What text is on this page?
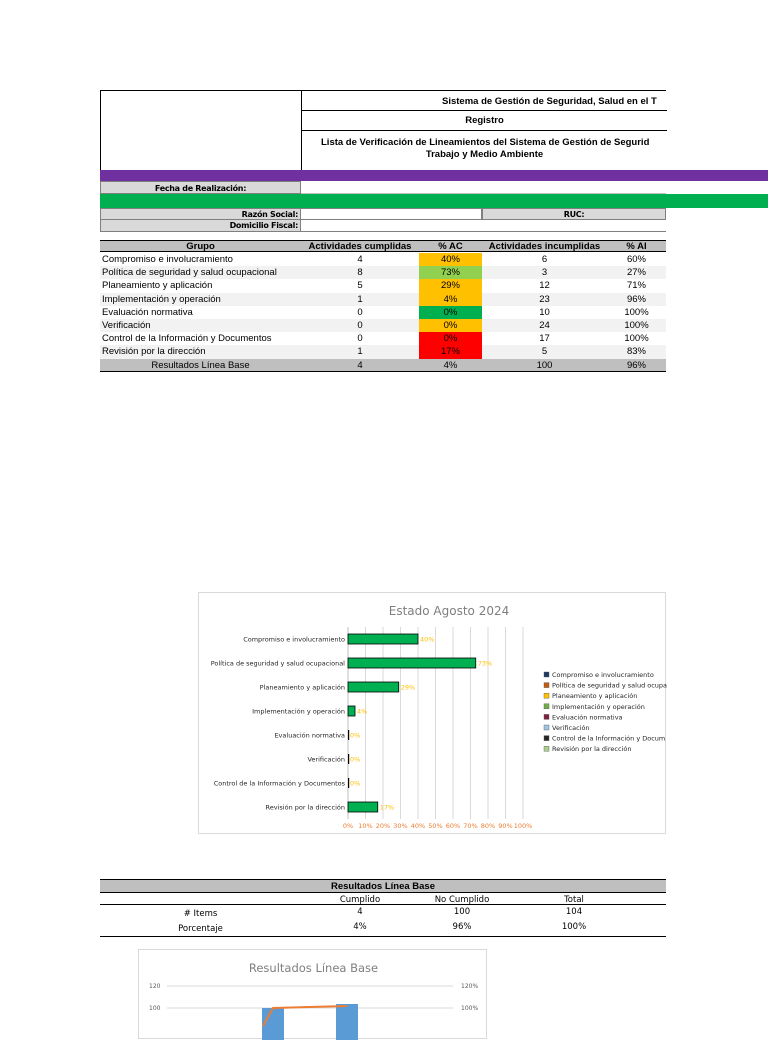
Sistema de Gestión de Seguridad, Salud en el T
Registro
Lista de Verificación de Lineamientos del Sistema de Gestión de Segurid
Trabajo y Medio Ambiente
Fecha de Realización:
Razón Social:	RUC:
Domicilio Fiscal:
Grupo	Actividades cumplidas	% AC	Actividades incumplidas	% AI
Compromiso e involucramiento	4	40%	6	60%
Política de seguridad y salud ocupacional	8	73%	3	27%
Planeamiento y aplicación	5	29%	12	71%
Implementación y operación	1	4%	23	96%
Evaluación normativa	0	0%	10	100%
Verificación	0	0%	24	100%
Control de la Información y Documentos	0	0%	17	100%
Revisión por la dirección	1	17%	5	83%
Resultados Línea Base	4	4%	100	96%
Estado Agosto 2024
0% 10% 20% 30% 40% 50% 60% 70% 80% 90% 100%
Compromiso e involucramiento	40%
Política de seguridad y salud ocupacional	73%
Planeamiento y aplicación	29%
Implementación y operación 4%
Evaluación normativa 0%
Verificación 0%
Control de la Información y Documentos 0%
Revisión por la dirección	17%
Compromiso e involucramiento
Política de seguridad y salud ocupa
Planeamiento y aplicación
Implementación y operación
Evaluación normativa
Verificación
Control de la Información y Docum
Revisión por la dirección
Resultados Línea Base
Cumplido	No Cumplido	Total
# Items	4	100	104
Porcentaje	4%	96%	100%
Resultados Línea Base
120
100
120%
100%
